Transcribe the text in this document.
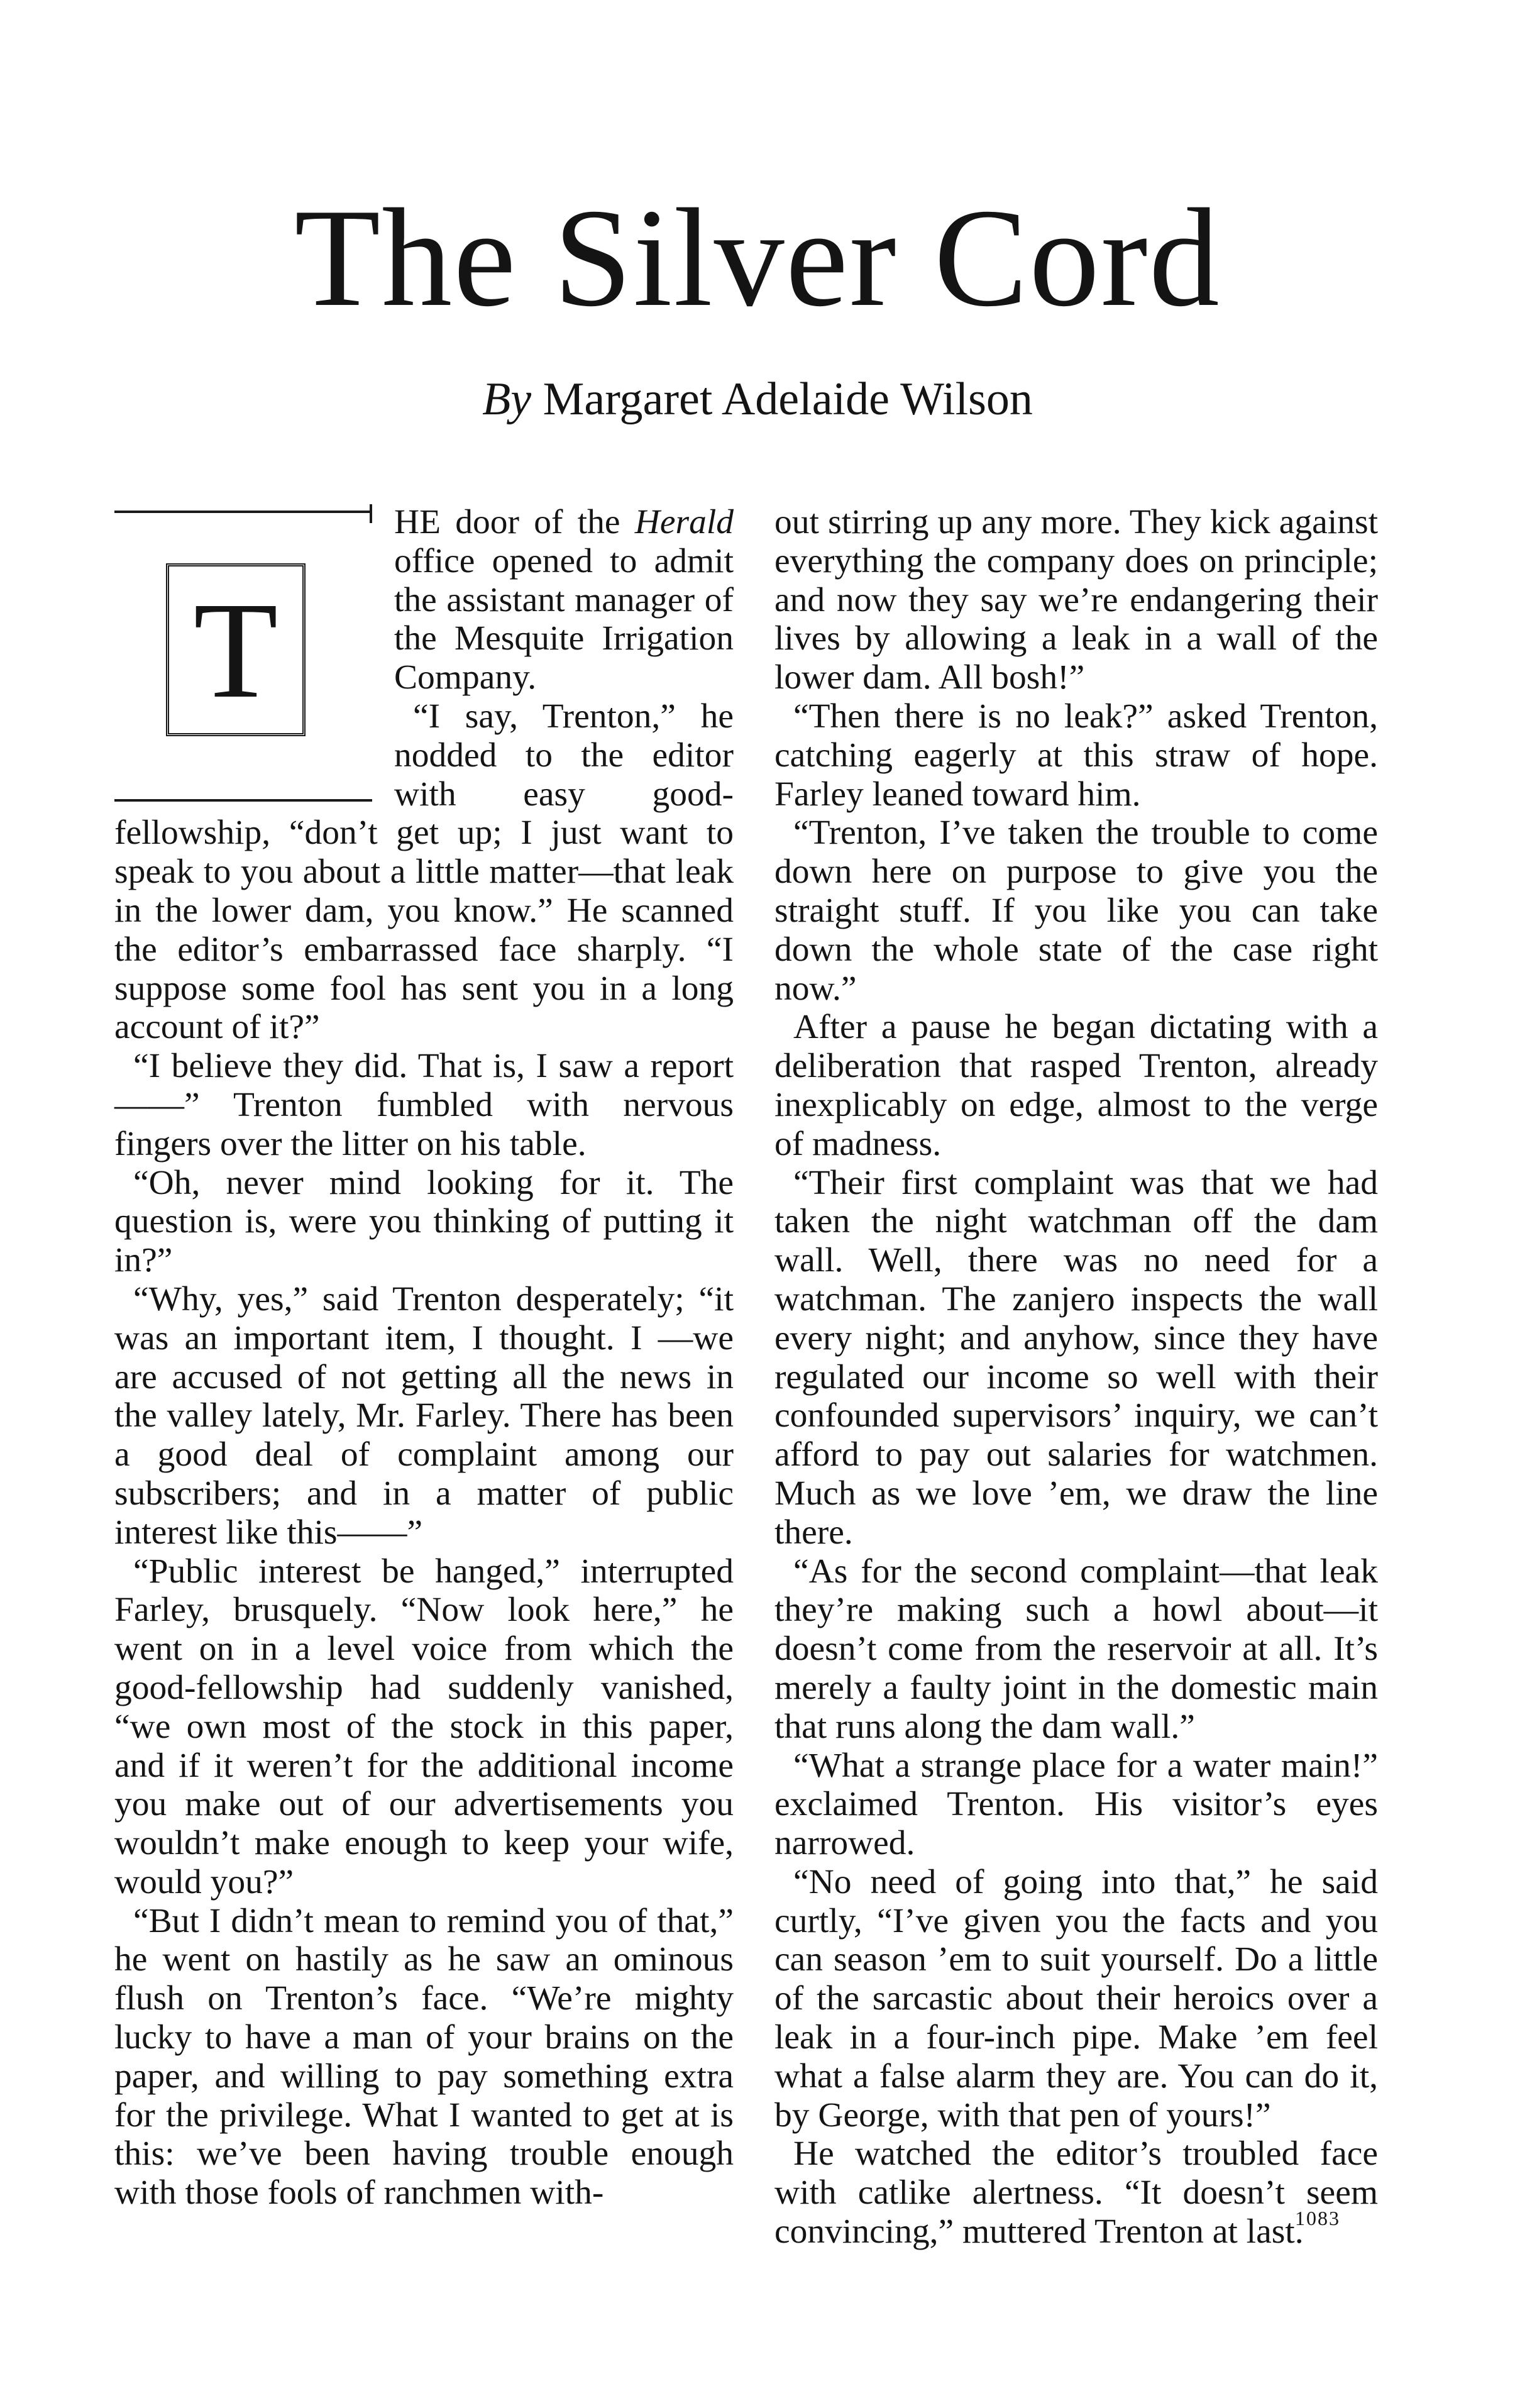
The Silver Cord
By Margaret Adelaide Wilson
T

HE door of the Herald office opened to admit the assistant manager of the Mesquite Irrigation Company.

“I say, Trenton,” he nodded to the editor with easy good-fellowship, “don’t get up; I just want to speak to you about a little matter—that leak in the lower dam, you know.” He scanned the editor’s embarrassed face sharply. “I suppose some fool has sent you in a long account of it?”

“I believe they did. That is, I saw a report——” Trenton fumbled with nervous fingers over the litter on his table.

“Oh, never mind looking for it. The question is, were you thinking of putting it in?”

“Why, yes,” said Trenton desperately; “it was an important item, I thought. I —we are accused of not getting all the news in the valley lately, Mr. Farley. There has been a good deal of complaint among our subscribers; and in a matter of public interest like this——”

“Public interest be hanged,” interrupted Farley, brusquely. “Now look here,” he went on in a level voice from which the good-fellowship had suddenly vanished, “we own most of the stock in this paper, and if it weren’t for the additional income you make out of our advertisements you wouldn’t make enough to keep your wife, would you?”

“But I didn’t mean to remind you of that,” he went on hastily as he saw an ominous flush on Trenton’s face. “We’re mighty lucky to have a man of your brains on the paper, and willing to pay something extra for the privilege. What I wanted to get at is this: we’ve been having trouble enough with those fools of ranchmen with-

out stirring up any more. They kick against everything the company does on principle; and now they say we’re endangering their lives by allowing a leak in a wall of the lower dam. All bosh!”

“Then there is no leak?” asked Trenton, catching eagerly at this straw of hope. Farley leaned toward him.

“Trenton, I’ve taken the trouble to come down here on purpose to give you the straight stuff. If you like you can take down the whole state of the case right now.”

After a pause he began dictating with a deliberation that rasped Trenton, already inexplicably on edge, almost to the verge of madness.

“Their first complaint was that we had taken the night watchman off the dam wall. Well, there was no need for a watchman. The zanjero inspects the wall every night; and anyhow, since they have regulated our income so well with their confounded supervisors’ inquiry, we can’t afford to pay out salaries for watchmen. Much as we love ’em, we draw the line there.

“As for the second complaint—that leak they’re making such a howl about—it doesn’t come from the reservoir at all. It’s merely a faulty joint in the domestic main that runs along the dam wall.”

“What a strange place for a water main!” exclaimed Trenton. His visitor’s eyes narrowed.

“No need of going into that,” he said curtly, “I’ve given you the facts and you can season ’em to suit yourself. Do a little of the sarcastic about their heroics over a leak in a four-inch pipe. Make ’em feel what a false alarm they are. You can do it, by George, with that pen of yours!”

He watched the editor’s troubled face with catlike alertness. “It doesn’t seem convincing,” muttered Trenton at last.

1083
